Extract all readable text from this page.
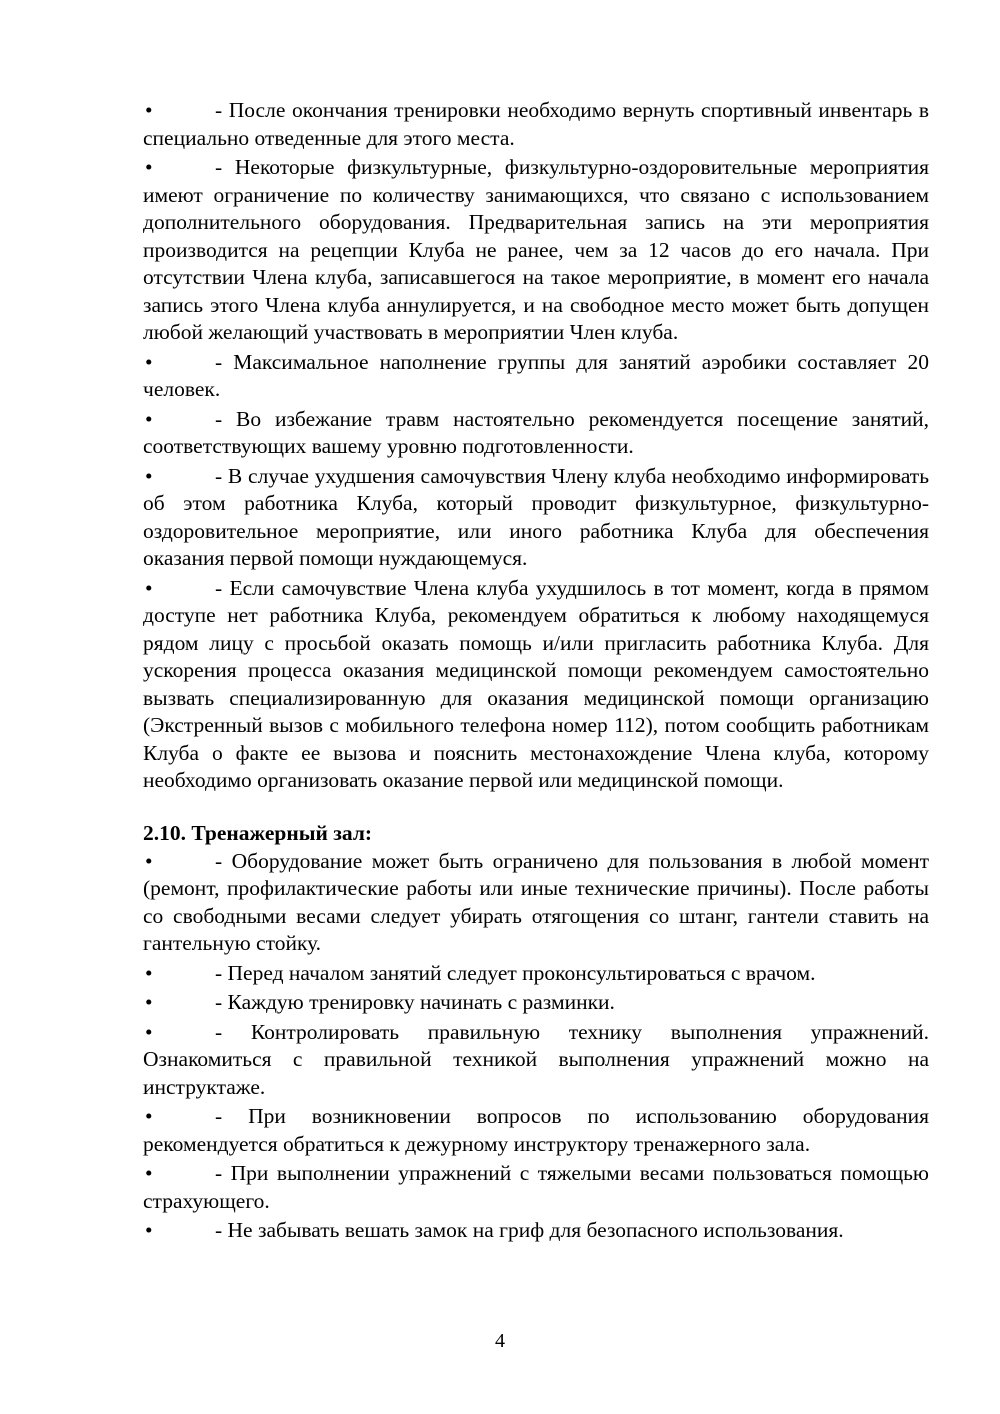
•	- После окончания тренировки необходимо вернуть спортивный инвентарь в специально отведенные для этого места.

•	- Некоторые физкультурные, физкультурно-оздоровительные мероприятия имеют ограничение по количеству занимающихся, что связано с использованием дополнительного оборудования. Предварительная запись на эти мероприятия производится на рецепции Клуба не ранее, чем за 12 часов до его начала. При отсутствии Члена клуба, записавшегося на такое мероприятие, в момент его начала запись этого Члена клуба аннулируется, и на свободное место может быть допущен любой желающий участвовать в мероприятии Член клуба.

•	- Максимальное наполнение группы для занятий аэробики составляет 20 человек.

•	- Во избежание травм настоятельно рекомендуется посещение занятий, соответствующих вашему уровню подготовленности.

•	- В случае ухудшения самочувствия Члену клуба необходимо информировать об этом работника Клуба, который проводит физкультурное, физкультурно-оздоровительное мероприятие, или иного работника Клуба для обеспечения оказания первой помощи нуждающемуся.

•	- Если самочувствие Члена клуба ухудшилось в тот момент, когда в прямом доступе нет работника Клуба, рекомендуем обратиться к любому находящемуся рядом лицу с просьбой оказать помощь и/или пригласить работника Клуба. Для ускорения процесса оказания медицинской помощи рекомендуем самостоятельно вызвать специализированную для оказания медицинской помощи организацию (Экстренный вызов с мобильного телефона номер 112), потом сообщить работникам Клуба о факте ее вызова и пояснить местонахождение Члена клуба, которому необходимо организовать оказание первой или медицинской помощи.

2.10. Тренажерный зал:

•	- Оборудование может быть ограничено для пользования в любой момент (ремонт, профилактические работы или иные технические причины). После работы со свободными весами следует убирать отягощения со штанг, гантели ставить на гантельную стойку.

•	- Перед началом занятий следует проконсультироваться с врачом.

•	- Каждую тренировку начинать с разминки.

•	- Контролировать правильную технику выполнения упражнений. Ознакомиться с правильной техникой выполнения упражнений можно на инструктаже.

•	- При возникновении вопросов по использованию оборудования рекомендуется обратиться к дежурному инструктору тренажерного зала.

•	- При выполнении упражнений с тяжелыми весами пользоваться помощью страхующего.

•	- Не забывать вешать замок на гриф для безопасного использования.

4
